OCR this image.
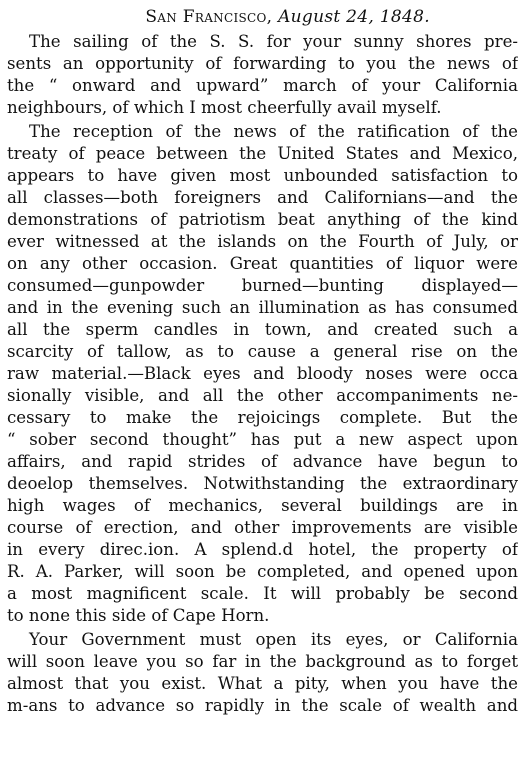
San Francisco, August 24, 1848.
The sailing of the S. S. for your sunny shores pre-
sents an opportunity of forwarding to you the news of
the “ onward and upward” march of your California
neighbours, of which I most cheerfully avail myself.
The reception of the news of the ratification of the
treaty of peace between the United States and Mexico,
appears to have given most unbounded satisfaction to
all classes—both foreigners and Californians—and the
demonstrations of patriotism beat anything of the kind
ever witnessed at the islands on the Fourth of July, or
on any other occasion. Great quantities of liquor were
consumed—gunpowder burned—bunting displayed—
and in the evening such an illumination as has consumed
all the sperm candles in town, and created such a
scarcity of tallow, as to cause a general rise on the
raw material.—Black eyes and bloody noses were occa
sionally visible, and all the other accompaniments ne-
cessary to make the rejoicings complete. But the
“ sober second thought” has put a new aspect upon
affairs, and rapid strides of advance have begun to
deoelop themselves. Notwithstanding the extraordinary
high wages of mechanics, several buildings are in
course of erection, and other improvements are visible
in every direc.ion. A splend.d hotel, the property of
R. A. Parker, will soon be completed, and opened upon
a most magnificent scale. It will probably be second
to none this side of Cape Horn.
Your Government must open its eyes, or California
will soon leave you so far in the background as to forget
almost that you exist. What a pity, when you have the
m-ans to advance so rapidly in the scale of wealth and
